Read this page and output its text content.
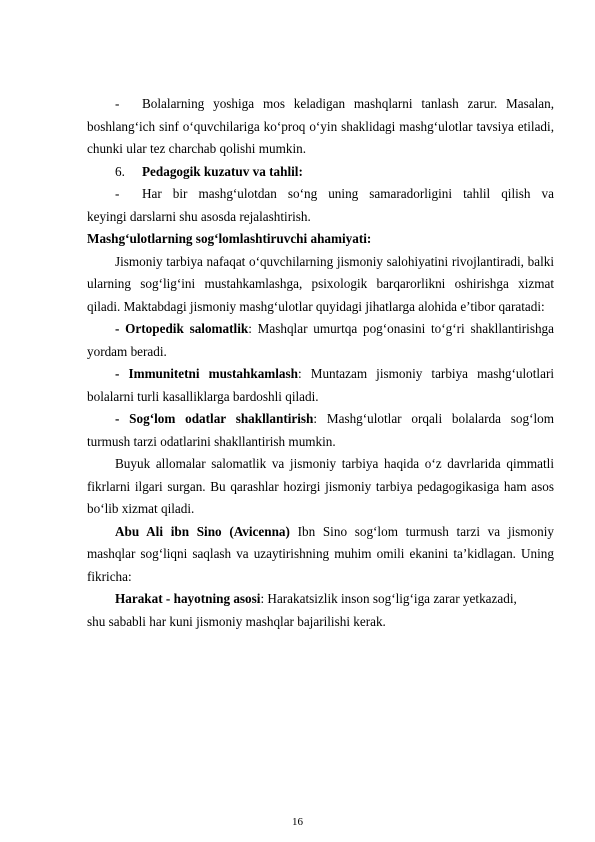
-	Bolalarning yoshiga mos keladigan mashqlarni tanlash zarur. Masalan,

boshlang‘ich sinf o‘quvchilariga ko‘proq o‘yin shaklidagi mashg‘ulotlar tavsiya etiladi, chunki ular tez charchab qolishi mumkin.

6.	Pedagogik kuzatuv va tahlil:
-	Har bir mashg‘ulotdan so‘ng uning samaradorligini tahlil qilish va

keyingi darslarni shu asosda rejalashtirish.

Mashg‘ulotlarning sog‘lomlashtiruvchi ahamiyati:

Jismoniy tarbiya nafaqat o‘quvchilarning jismoniy salohiyatini rivojlantiradi, balki ularning sog‘lig‘ini mustahkamlashga, psixologik barqarorlikni oshirishga xizmat qiladi. Maktabdagi jismoniy mashg‘ulotlar quyidagi jihatlarga alohida e’tibor qaratadi:

- Ortopedik salomatlik: Mashqlar umurtqa pog‘onasini to‘g‘ri shakllantirishga yordam beradi.

- Immunitetni mustahkamlash: Muntazam jismoniy tarbiya mashg‘ulotlari bolalarni turli kasalliklarga bardoshli qiladi.

- Sog‘lom odatlar shakllantirish: Mashg‘ulotlar orqali bolalarda sog‘lom turmush tarzi odatlarini shakllantirish mumkin.

Buyuk allomalar salomatlik va jismoniy tarbiya haqida o‘z davrlarida qimmatli fikrlarni ilgari surgan. Bu qarashlar hozirgi jismoniy tarbiya pedagogikasiga ham asos bo‘lib xizmat qiladi.

Abu Ali ibn Sino (Avicenna) Ibn Sino sog‘lom turmush tarzi va jismoniy mashqlar sog‘liqni saqlash va uzaytirishning muhim omili ekanini ta’kidlagan. Uning fikricha:

Harakat - hayotning asosi: Harakatsizlik inson sog‘lig‘iga zarar yetkazadi,

shu sababli har kuni jismoniy mashqlar bajarilishi kerak.

16
